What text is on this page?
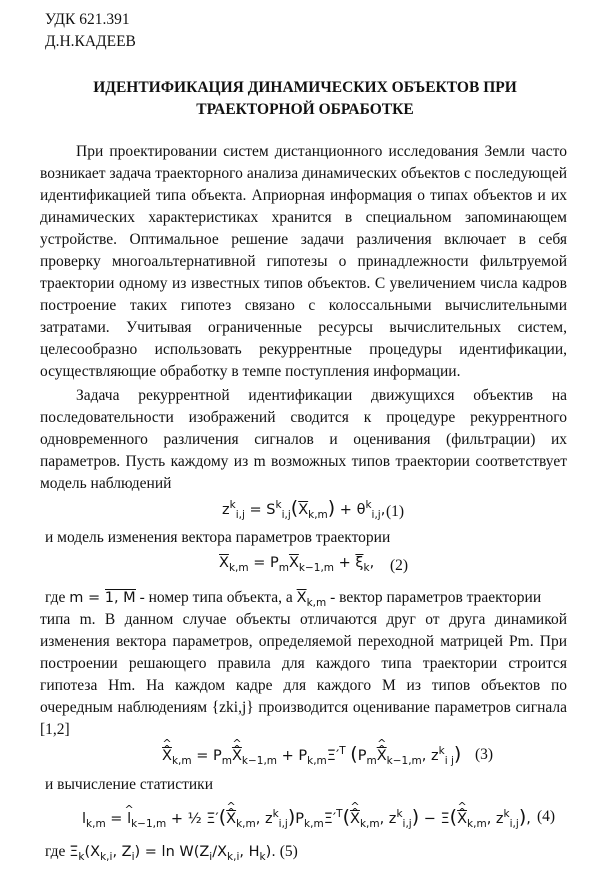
УДК 621.391
Д.Н.КАДЕЕВ
ИДЕНТИФИКАЦИЯ ДИНАМИЧЕСКИХ ОБЪЕКТОВ ПРИ
ТРАЕКТОРНОЙ ОБРАБОТКЕ

При проектировании систем дистанционного исследования Земли часто возникает задача траекторного анализа динамических объектов с последующей идентификацией типа объекта. Априорная информация о типах объектов и их динамических характеристиках хранится в специальном запоминающем устройстве. Оптимальное решение задачи различения включает в себя проверку многоальтернативной гипотезы о принадлежности фильтруемой траектории одному из известных типов объектов. С увеличением числа кадров построение таких гипотез связано с колоссальными вычислительными затратами. Учитывая ограниченные ресурсы вычислительных систем, целесообразно использовать рекуррентные процедуры идентификации, осуществляющие обработку в темпе поступления информации.

Задача рекуррентной идентификации движущихся объектив на последовательности изображений сводится к процедуре рекуррентного одновременного различения сигналов и оценивания (фильтрации) их параметров. Пусть каждому из m возможных типов траектории соответствует модель наблюдений

$z^k_{i,j} = S^k_{i,j}(\overline{X}_{k,m}) + \theta^k_{i,j}$, (1)
и модель изменения вектора параметров траектории
$\overline{X}_{k,m} = P_m\overline{X}_{k-1,m} + \overline{\xi}_k$, (2)
где m = 1, M - номер типа объекта, а $\overline{X}_{k,m}$ - вектор параметров траектории

типа m. В данном случае объекты отличаются друг от друга динамикой изменения вектора параметров, определяемой переходной матрицей Pm. При построении решающего правила для каждого типа траектории строится гипотеза Hm. На каждом кадре для каждого M из типов объектов по очередным наблюдениям {zki,j} производится оценивание параметров сигнала [1,2]

^ $\overline{X}$ $\^{}_{k,m}$ = $P_m\^{}$ $\overline{X}$ $\^{}_{k-1,m} + P_{k,m}\Xi'^T$ ($P_m\^{}$ $\overline{X}$ $\^{}_{k-1,m}$, $z^k_{i j}$) (3)
и вычисление статистики
$l_{k,m}$ = ^ $l_{k-1,m}$ + ½ Ξ′(^ $\overline{X}$ $\^{}_{k,m}$, $z^k_{i,j})P_{k,m}\Xi'^T(\^{}$ $\overline{X}$ $\^{}_{k,m}$, $z^k_{i,j}$) − Ξ(^ $\overline{X}$ $\^{}_{k,m}$, $z^k_{i,j}$), (4)
где $\Xi_k(X_{k,i}$, $Z_i) = \ln W(Z_i/X_{k,i}$, $H_k$). (5)
